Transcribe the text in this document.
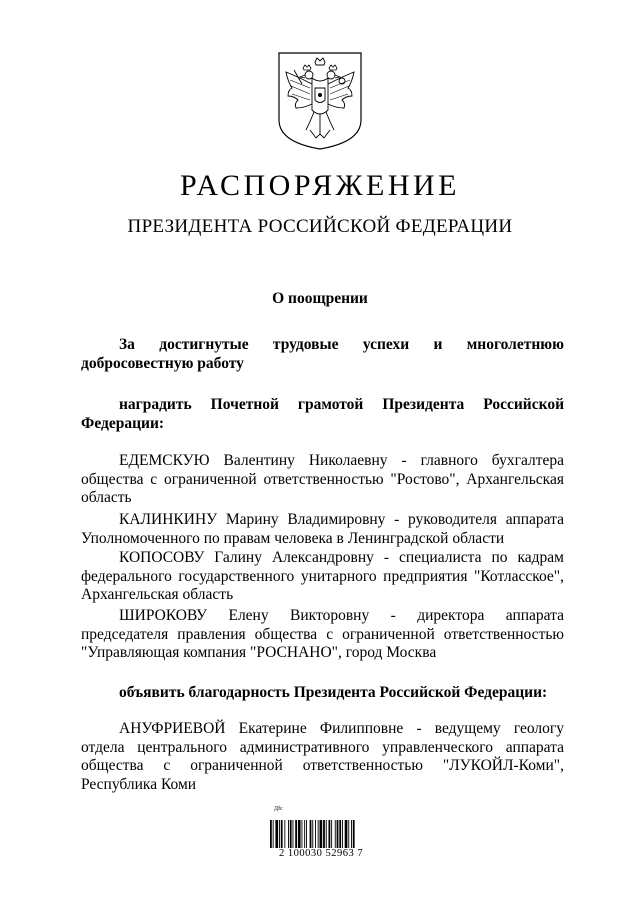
РАСПОРЯЖЕНИЕ
ПРЕЗИДЕНТА РОССИЙСКОЙ ФЕДЕРАЦИИ
О поощрении

За достигнутые трудовые успехи и многолетнюю добросовестную работу

наградить Почетной грамотой Президента Российской Федерации:

ЕДЕМСКУЮ Валентину Николаевну - главного бухгалтера общества с ограниченной ответственностью "Ростово", Архангельская область

КАЛИНКИНУ Марину Владимировну - руководителя аппарата Уполномоченного по правам человека в Ленинградской области

КОПОСОВУ Галину Александровну - специалиста по кадрам федерального государственного унитарного предприятия "Котласское", Архангельская область

ШИРОКОВУ Елену Викторовну - директора аппарата председателя правления общества с ограниченной ответственностью "Управляющая компания "РОСНАНО", город Москва

объявить благодарность Президента Российской Федерации:

АНУФРИЕВОЙ Екатерине Филипповне - ведущему геологу отдела центрального административного управленческого аппарата общества с ограниченной ответственностью "ЛУКОЙЛ-Коми", Республика Коми

Дfc
2 100030 52963 7
